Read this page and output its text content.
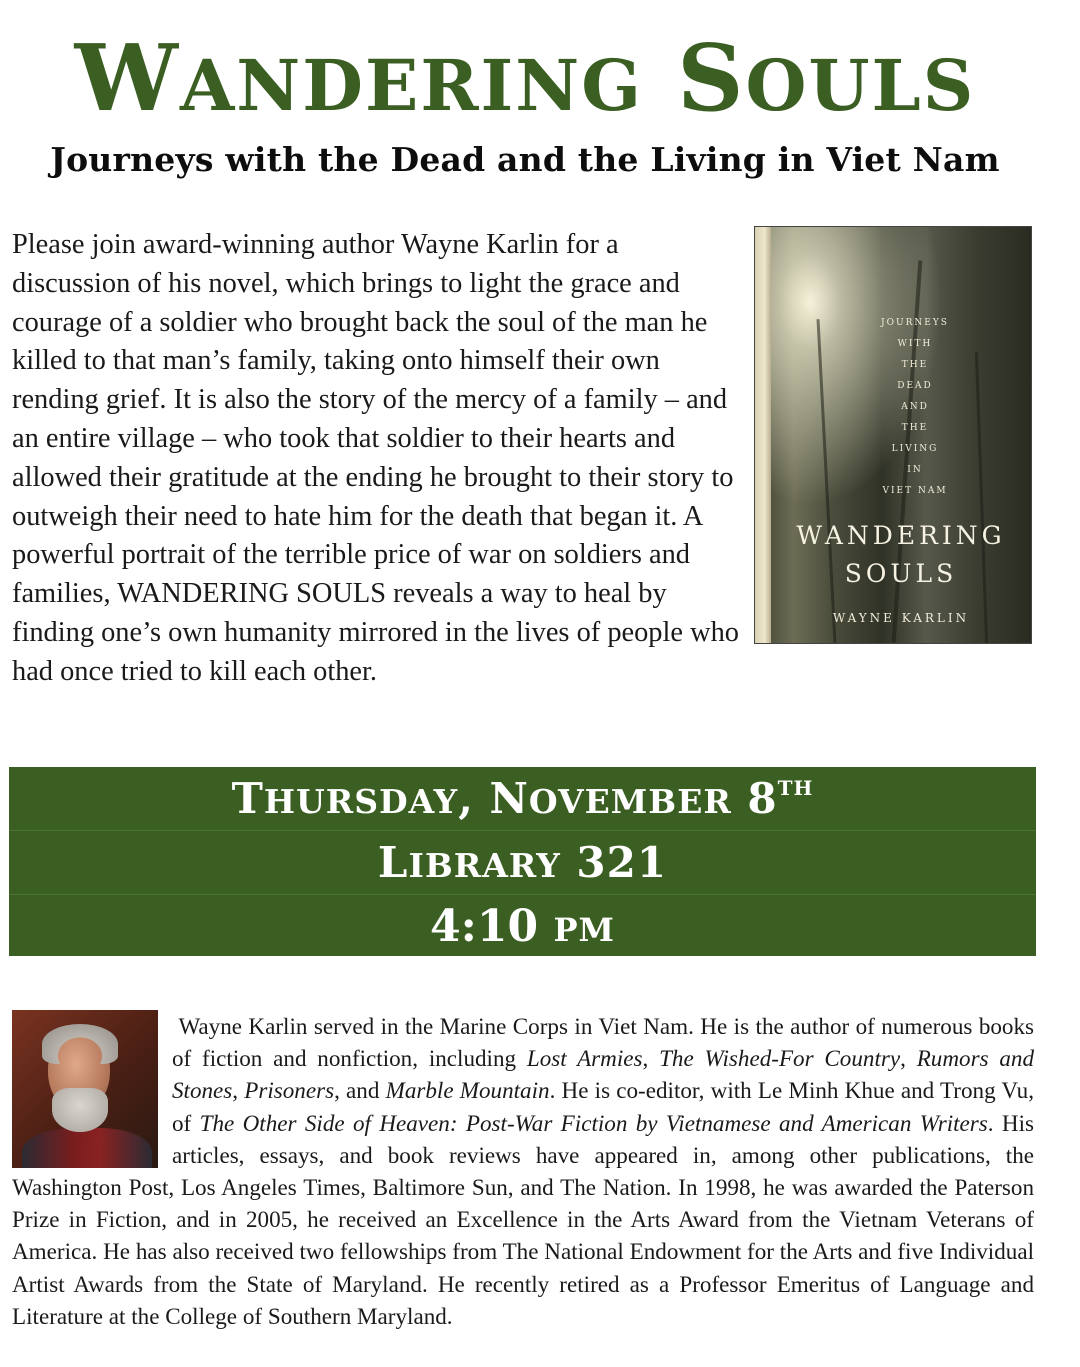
WANDERING SOULS
Journeys with the Dead and the Living in Viet Nam
JOURNEYS
WITH
THE
DEAD
AND
THE
LIVING
IN
VIET NAM
WANDERING
SOULS
WAYNE KARLIN

Please join award-winning author Wayne Karlin for a discussion of his novel, which brings to light the grace and courage of a soldier who brought back the soul of the man he killed to that man’s family, taking onto himself their own rending grief. It is also the story of the mercy of a family – and an entire village – who took that soldier to their hearts and allowed their gratitude at the ending he brought to their story to outweigh their need to hate him for the death that began it. A powerful portrait of the terrible price of war on soldiers and families, WANDERING SOULS reveals a way to heal by finding one’s own humanity mirrored in the lives of people who had once tried to kill each other.

THURSDAY, NOVEMBER 8TH
LIBRARY 321
4:10 PM

Wayne Karlin served in the Marine Corps in Viet Nam. He is the author of numerous books of fiction and nonfiction, including Lost Armies, The Wished-For Country, Rumors and Stones, Prisoners, and Marble Mountain. He is co-editor, with Le Minh Khue and Trong Vu, of The Other Side of Heaven: Post-War Fiction by Vietnamese and American Writers. His articles, essays, and book reviews have appeared in, among other publications, the Washington Post, Los Angeles Times, Baltimore Sun, and The Nation. In 1998, he was awarded the Paterson Prize in Fiction, and in 2005, he received an Excellence in the Arts Award from the Vietnam Veterans of America. He has also received two fellowships from The National Endowment for the Arts and five Individual Artist Awards from the State of Maryland. He recently retired as a Professor Emeritus of Language and Literature at the College of Southern Maryland.
